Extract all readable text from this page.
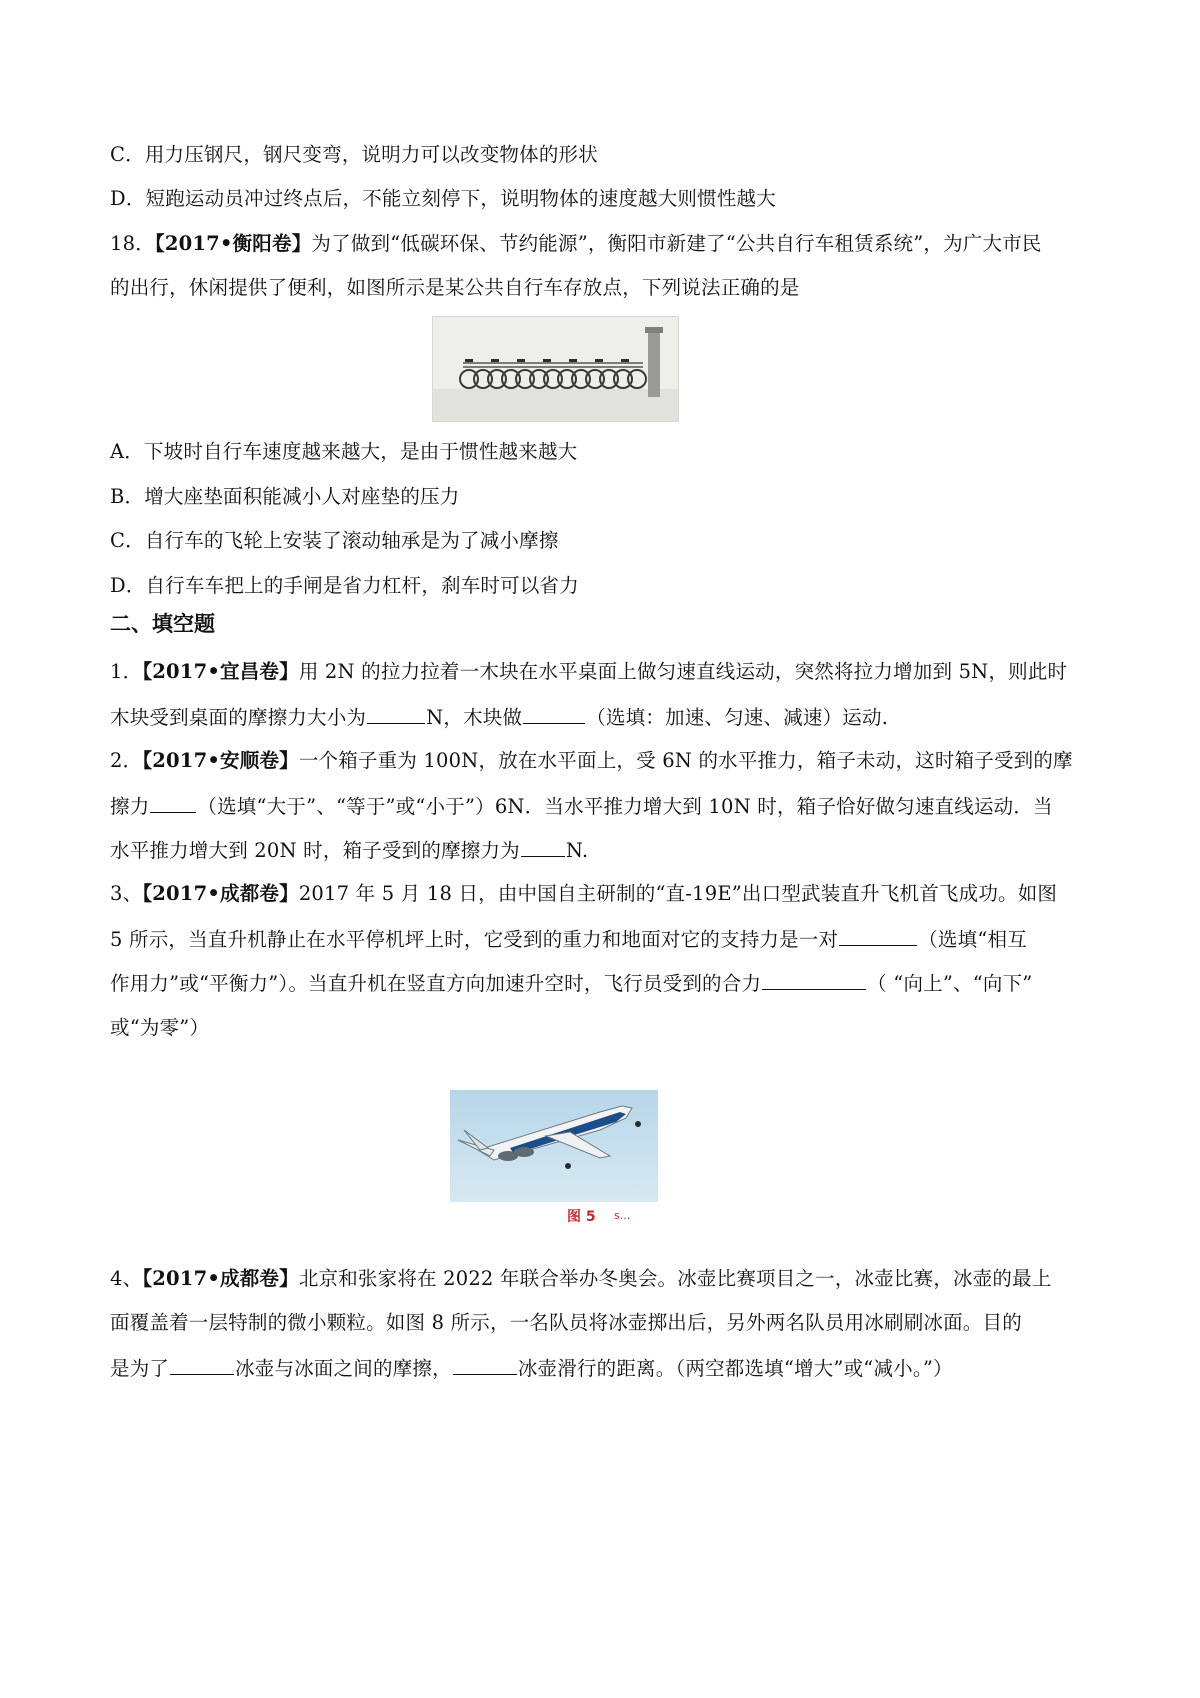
C．用力压钢尺，钢尺变弯，说明力可以改变物体的形状
D．短跑运动员冲过终点后，不能立刻停下，说明物体的速度越大则惯性越大
18．【2017•衡阳卷】为了做到“低碳环保、节约能源”，衡阳市新建了“公共自行车租赁系统”，为广大市民
的出行，休闲提供了便利，如图所示是某公共自行车存放点，下列说法正确的是
A．下坡时自行车速度越来越大，是由于惯性越来越大
B．增大座垫面积能减小人对座垫的压力
C．自行车的飞轮上安装了滚动轴承是为了减小摩擦
D．自行车车把上的手闸是省力杠杆，刹车时可以省力
二、填空题
1．【2017•宜昌卷】用 2N 的拉力拉着一木块在水平桌面上做匀速直线运动，突然将拉力增加到 5N，则此时
木块受到桌面的摩擦力大小为	N，木块做	（选填：加速、匀速、减速）运动.
2．【2017•安顺卷】一个箱子重为 100N，放在水平面上，受 6N 的水平推力，箱子未动，这时箱子受到的摩
擦力 （选填“大于”、“等于”或“小于”）6N．当水平推力增大到 10N 时，箱子恰好做匀速直线运动．当
水平推力增大到 20N 时，箱子受到的摩擦力为 N.
3、【2017•成都卷】2017 年 5 月 18 日，由中国自主研制的“直-19E”出口型武装直升飞机首飞成功。如图
5 所示，当直升机静止在水平停机坪上时，它受到的重力和地面对它的支持力是一对	（选填“相互
作用力”或“平衡力”）。当直升机在竖直方向加速升空时，飞行员受到的合力	（ “向上”、“向下”
或“为零”）
图 5 s...
4、【2017•成都卷】北京和张家将在 2022 年联合举办冬奥会。冰壶比赛项目之一，冰壶比赛，冰壶的最上
面覆盖着一层特制的微小颗粒。如图 8 所示，一名队员将冰壶掷出后，另外两名队员用冰刷刷冰面。目的
是为了	冰壶与冰面之间的摩擦，	冰壶滑行的距离。（两空都选填“增大”或“减小。”）
